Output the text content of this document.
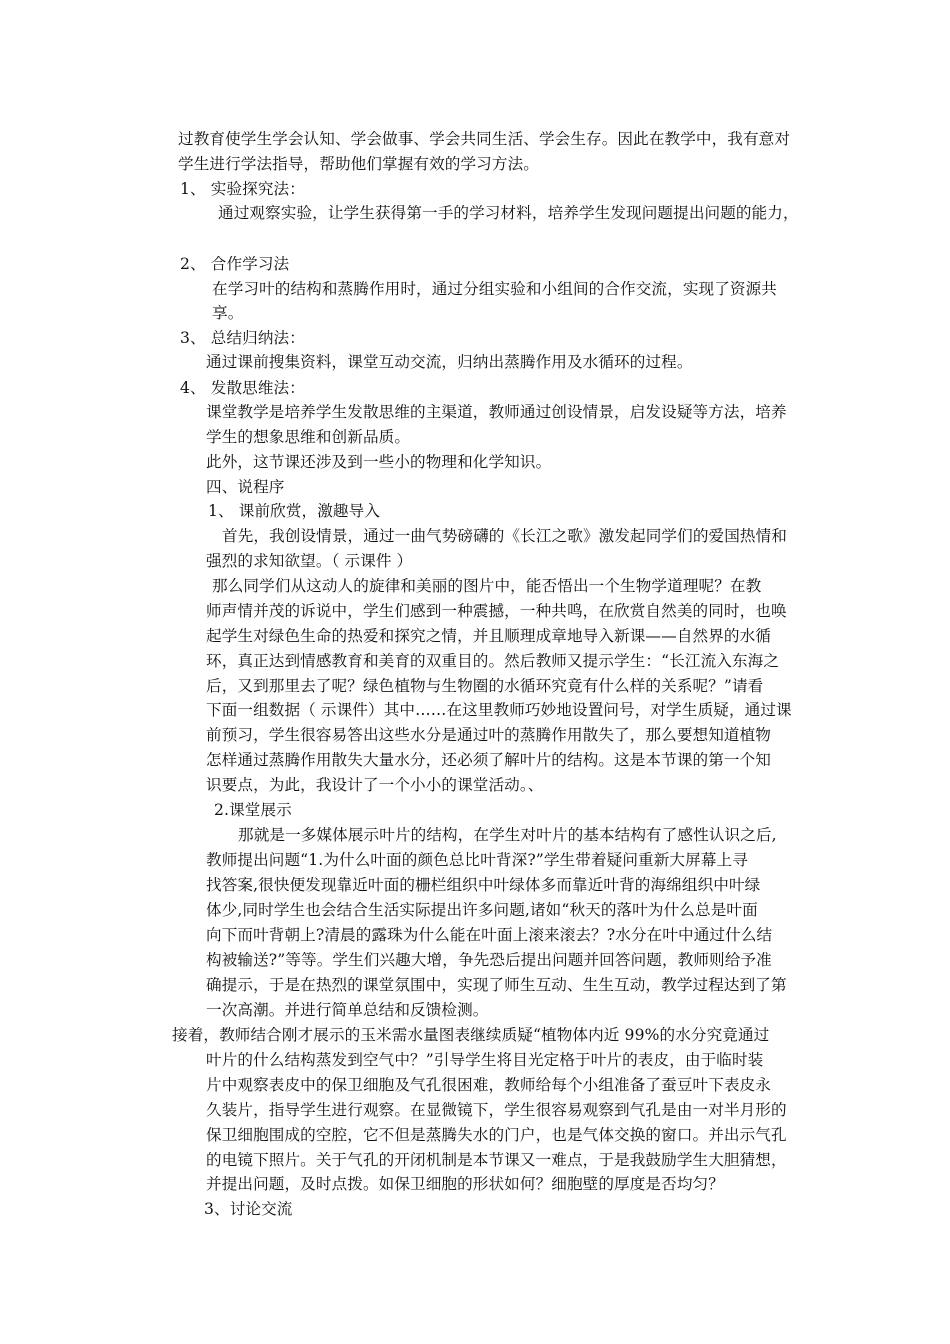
过教育使学生学会认知、学会做事、学会共同生活、学会生存。因此在教学中，我有意对
学生进行学法指导，帮助他们掌握有效的学习方法。
1、 实验探究法：
通过观察实验，让学生获得第一手的学习材料，培养学生发现问题提出问题的能力，
2、 合作学习法
在学习叶的结构和蒸腾作用时，通过分组实验和小组间的合作交流，实现了资源共
享。
3、 总结归纳法：
通过课前搜集资料，课堂互动交流，归纳出蒸腾作用及水循环的过程。
4、 发散思维法：
课堂教学是培养学生发散思维的主渠道，教师通过创设情景，启发设疑等方法，培养
学生的想象思维和创新品质。
此外，这节课还涉及到一些小的物理和化学知识。
四、说程序
1、 课前欣赏，激趣导入
首先，我创设情景，通过一曲气势磅礴的《长江之歌》激发起同学们的爱国热情和
强烈的求知欲望。（ 示课件 ）
那么同学们从这动人的旋律和美丽的图片中，能否悟出一个生物学道理呢？在教
师声情并茂的诉说中，学生们感到一种震撼，一种共鸣，在欣赏自然美的同时，也唤
起学生对绿色生命的热爱和探究之情，并且顺理成章地导入新课——自然界的水循
环，真正达到情感教育和美育的双重目的。然后教师又提示学生：“长江流入东海之
后，又到那里去了呢？绿色植物与生物圈的水循环究竟有什么样的关系呢？”请看
下面一组数据（ 示课件）其中……在这里教师巧妙地设置问号，对学生质疑，通过课
前预习，学生很容易答出这些水分是通过叶的蒸腾作用散失了，那么要想知道植物
怎样通过蒸腾作用散失大量水分，还必须了解叶片的结构。这是本节课的第一个知
识要点，为此，我设计了一个小小的课堂活动。、
2.课堂展示
那就是一多媒体展示叶片的结构，在学生对叶片的基本结构有了感性认识之后,
教师提出问题“1.为什么叶面的颜色总比叶背深?”学生带着疑问重新大屏幕上寻
找答案,很快便发现靠近叶面的栅栏组织中叶绿体多而靠近叶背的海绵组织中叶绿
体少,同时学生也会结合生活实际提出许多问题,诸如“秋天的落叶为什么总是叶面
向下而叶背朝上?清晨的露珠为什么能在叶面上滚来滚去？?水分在叶中通过什么结
构被输送?”等等。学生们兴趣大增，争先恐后提出问题并回答问题，教师则给予准
确提示，于是在热烈的课堂氛围中，实现了师生互动、生生互动，教学过程达到了第
一次高潮。并进行简单总结和反馈检测。
接着，教师结合刚才展示的玉米需水量图表继续质疑“植物体内近 99%的水分究竟通过
叶片的什么结构蒸发到空气中？”引导学生将目光定格于叶片的表皮，由于临时装
片中观察表皮中的保卫细胞及气孔很困难，教师给每个小组准备了蚕豆叶下表皮永
久装片，指导学生进行观察。在显微镜下，学生很容易观察到气孔是由一对半月形的
保卫细胞围成的空腔，它不但是蒸腾失水的门户，也是气体交换的窗口。并出示气孔
的电镜下照片。关于气孔的开闭机制是本节课又一难点，于是我鼓励学生大胆猜想，
并提出问题，及时点拨。如保卫细胞的形状如何？细胞壁的厚度是否均匀？
3、讨论交流
